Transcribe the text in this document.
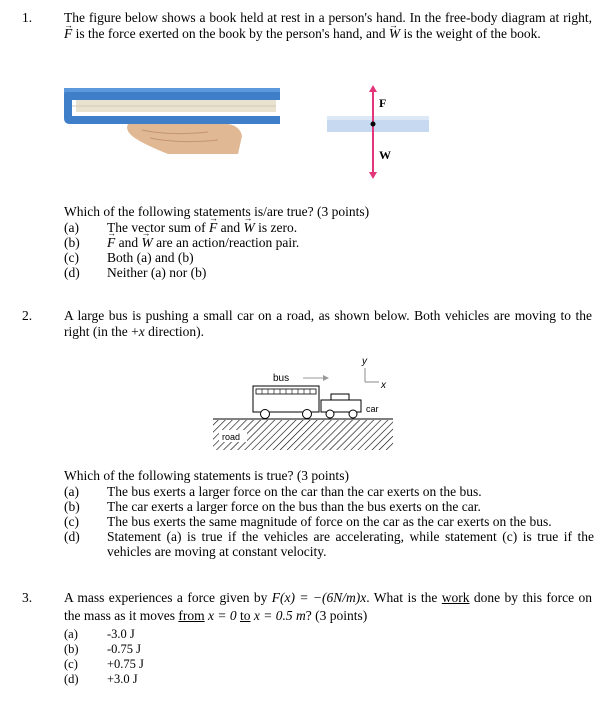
1. The figure below shows a book held at rest in a person's hand. In the free-body diagram at right, → F is the force exerted on the book by the person's hand, and → W is the weight of the book.
F
W
Which of the following statements is/are true? (3 points)
(a)	The vector sum of → F and → W is zero.
(b)	→ F and → W are an action/reaction pair.
(c)	Both (a) and (b)
(d)	Neither (a) nor (b)
2. A large bus is pushing a small car on a road, as shown below. Both vehicles are moving to the right (in the +x direction).
y
x
bus
car
road
Which of the following statements is true? (3 points)
(a)	The bus exerts a larger force on the car than the car exerts on the bus.
(b)	The car exerts a larger force on the bus than the bus exerts on the car.
(c)	The bus exerts the same magnitude of force on the car as the car exerts on the bus.
(d)	Statement (a) is true if the vehicles are accelerating, while statement (c) is true if the vehicles are moving at constant velocity.
3. A mass experiences a force given by F(x) = −(6N/m)x. What is the work done by this force on the mass as it moves from x = 0 to x = 0.5 m? (3 points)
(a)	-3.0 J
(b)	-0.75 J
(c)	+0.75 J
(d)	+3.0 J
